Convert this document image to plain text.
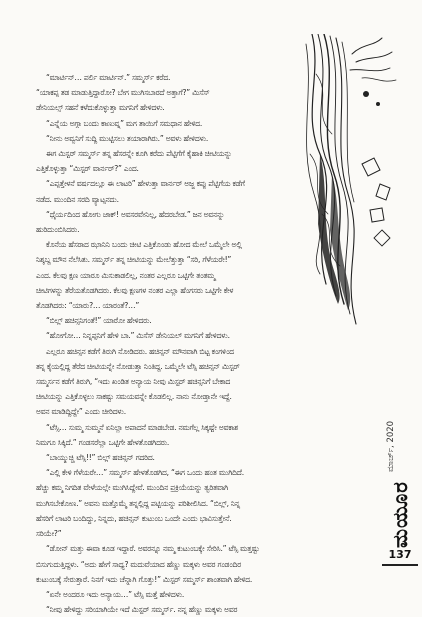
“ಮಾರ್ಟಿನ್… ಪರ್ಲಿ ಮಾರ್ಟಿನ್.” ಸಮ್ಮರ್ಸ್ ಕರೆದ.

“ಯಾಕಪ್ಪ ತಡ ಮಾಡುತ್ತಿದ್ದಾರೋ? ಬೇಗ ಮುಗಿಸಬಾರದೆ ಅತ್ತಾಗೆ?” ಮಿಸೆಸ್

ಡೇನಿಯಲ್ಸ್ ಸಹನೆ ಕಳೆದುಕೊಳ್ಳುತ್ತಾ ಮಗನಿಗೆ ಹೇಳಿದಳು.

“ಎನ್ನೆಯ ಅಗ್ಗಾ ಬಂದು ಕಾಣುವ್ನ” ಮಗ ತಾಯಿಗೆ ಸಮಧಾನ ಹೇಳಿದ.

“ನೀನು ಅವ್ವನಿಗೆ ಸುದ್ದಿ ಮುಟ್ಟಿಸಲು ತಯಾರಾಗಿರು.” ಅವಳು ಹೇಳಿದಳು.

ಈಗ ಮಿಸ್ಟರ್ ಸಮ್ಮರ್ಸ್ ತನ್ನ ಹೆಸರನ್ನೇ ಕೂಗಿ ಕರೆದು ಪೆಟ್ಟಿಗೆಗೆ ಕೈಹಾಕಿ ಚೀಟಿಯನ್ನು

ಎತ್ತಿಕೊಳ್ಳುತ್ತಾ “ಮಿಸ್ಟರ್ ವಾರ್ನರ್?” ಎಂದ.

“ಎಪ್ಪತ್ತೇಳನೆ ವರ್ಷದಲ್ಲೂ ಈ ಲಾಟರಿ” ಹೇಳುತ್ತಾ ವಾರ್ನರ್ ಅಜ್ಜ ಕಪ್ಪು ಪೆಟ್ಟಿಗೆಯ ಕಡೆಗೆ

ನಡೆದ. ಮುಂದಿನ ಸರದಿ ವ್ಯಾಟ್ಸನದು.

“ಧೈರ್ಯದಿಂದ ಹೋಗು ಜಾಕ್! ಅವಸರವೇನಿಲ್ಲ, ಹೆದರಬೇಡ.” ಜನ ಅವನನ್ನು

ಹುರಿದುಂಬಿಸಿದರು.

ಕೊನೆಯ ಹೆಸರಾದ ಝಾನಿನಿ ಬಂದು ಚೀಟಿ ಎತ್ತಿಕೊಂಡು ಹೋದ ಮೇಲೆ ಒಮ್ಮೆಲೇ ಅಲ್ಲಿ

ನಿಶ್ಶಬ್ದ ಮೌನ ನೆಲೆಸಿತು. ಸಮ್ಮರ್ಸ್ ತನ್ನ ಚೀಟಿಯನ್ನು ಮೇಲೆತ್ತುತ್ತಾ “ಸರಿ, ಗೆಳೆಯರೇ!”

ಎಂದ. ಕೆಲವು ಕ್ಷಣ ಯಾರೂ ಮಿಸುಕಾಡಲಿಲ್ಲ, ನಂತರ ಎಲ್ಲರೂ ಒಟ್ಟಿಗೇ ತಂತಮ್ಮ

ಚೀಟಿಗಳನ್ನು ತೆರೆಯತೊಡಗಿದರು. ಕೆಲವು ಕ್ಷಣಗಳ ನಂತರ ಎಲ್ಲಾ ಹೆಂಗಸರು ಒಟ್ಟಿಗೇ ಕೇಳ

ತೊಡಗಿದರು: “ಯಾರು?… ಯಾರಂತೆ?…”

“ಬಿಲ್ಲ್ ಹಚಿನ್ಸನಿಗಂತೆ!” ಯಾರೋ ಹೇಳಿದರು.

“ಹೋಗೋ… ನಿನ್ನಪ್ಪನಿಗೆ ಹೇಳಿ ಬಾ.” ಮಿಸೆಸ್ ಡೇನಿಯಲ್ ಮಗನಿಗೆ ಹೇಳಿದಳು.

ಎಲ್ಲರೂ ಹಚಿನ್ಸನ ಕಡೆಗೆ ತಿರುಗಿ ನೋಡಿದರು. ಹಚಿನ್ಸನ್ ಮೌನವಾಗಿ ಬಿಟ್ಟ ಕಂಗಳಿಂದ

ತನ್ನ ಕೈಯಲ್ಲಿದ್ದ ತೆರೆದ ಚೀಟಿಯನ್ನೇ ನೋಡುತ್ತಾ ನಿಂತಿದ್ದ. ಒಮ್ಮೆಲೇ ಟೆಸ್ಸಿ ಹಚಿನ್ಸನ್ ಮಿಸ್ಟರ್

ಸಮ್ಮರ್ಸನ ಕಡೆಗೆ ತಿರುಗಿ, “ಇದು ಖಂಡಿತ ಅನ್ಯಾಯ ನೀವು ಮಿಸ್ಟರ್ ಹಚಿನ್ಸನಿಗೆ ಬೇಕಾದ

ಚೀಟಿಯನ್ನು ಎತ್ತಿಕೊಳ್ಳಲು ಸಾಕಷ್ಟು ಸಮಯವನ್ನೇ ಕೊಡಲಿಲ್ಲ. ನಾನು ನೋಡ್ತಾನೇ ಇದ್ದೆ.

ಅವನ ಮಾಡಿದ್ದಿದ್ದೇ” ಎಂದು ಚೀರಿದಳು.

“ಟೆಸ್ಸಿ… ಸುಮ್ಮ ಸುಮ್ಮನೆ ಏನಿಲ್ಲಾ ಅಪಾದನೆ ಮಾಡಬೇಡ. ನಮಗೆಲ್ಲ ಸಿಕ್ಕಷ್ಟೇ ಅವಕಾಶ

ನಿಮಗೂ ಸಿಕ್ಕಿದೆ.” ಗಂಡಸರೆಲ್ಲಾ ಒಟ್ಟಿಗೇ ಹೇಳತೊಡಗಿದರು.

“ಬಾಯ್ಮುಚ್ಚಿ ಟೆಸ್ಸಿ!!” ಬಿಲ್ಲ್ ಹಚಿನ್ಸನ್ ಗದರಿದ.

“ಎಲ್ಲಿ ಕೇಳಿ ಗೆಳೆಯರೇ…” ಸಮ್ಮರ್ಸ್ ಹೇಳತೊಡಗಿದ, “ಈಗ ಒಂದು ಹಂತ ಮುಗಿದಿದೆ.

ಹೆಚ್ಚು ಕಮ್ಮ ನಿಗದಿತ ವೇಳೆಯಲ್ಲೇ ಮುಗಿಸಿದ್ದೇವೆ. ಮುಂದಿನ ಪ್ರಕ್ರಿಯೆಯನ್ನು ತ್ವರಿತವಾಗಿ

ಮುಗಿಸಬೇಕೋಣ.” ಅವನು ಮತ್ತೊಮ್ಮೆ ತನ್ನಲ್ಲಿದ್ದ ಪಟ್ಟಿಯನ್ನು ಪರಿಶೀಲಿಸಿದ. “ಬಿಲ್ಲ್, ನಿನ್ನ

ಹೆಸರಿಗೆ ಲಾಟರಿ ಬಂದಿದ್ದು, ನಿನ್ನದು, ಹಚಿನ್ಸನ್ ಕುಟುಂಬ ಒಂದೇ ಎಂದು ಭಾವಿಸುತ್ತೇನೆ.

ಸರಿಯೇ?”

“ಡೋನ್ ಮತ್ತು ಈವಾ ಕೂಡ ಇದ್ದಾರೆ. ಅವರನ್ನೂ ನಮ್ಮ ಕುಟುಂಬಕ್ಕೇ ಸೇರಿಸಿ.” ಟೆಸ್ಸಿ ಮತ್ತಷ್ಟು

ಬಿಸುಗುದುತ್ತಿದ್ದಳು. “ಅದು ಹೇಗೆ ಸಾಧ್ಯ? ಮದುವೆಯಾದ ಹೆಣ್ಣು ಮಕ್ಕಳು ಅವರ ಗಂಡಂದಿರ

ಕುಟುಂಬಕ್ಕೆ ಸೇರುತ್ತಾರೆ. ನಿನಗೆ ಇದು ಚೆನ್ನಾಗಿ ಗೊತ್ತು!” ಮಿಸ್ಟರ್ ಸಮ್ಮರ್ಸ್ ಶಾಂತವಾಗಿ ಹೇಳಿದ.

“ಏನೇ ಅಂದರೂ ಇದು ಅನ್ಯಾಯ…” ಟೆಸ್ಸಿ ಮತ್ತೆ ಹೇಳಿದಳು.

“ನೀವು ಹೇಳಿದ್ದು ಸರಿಯಾಗಿಯೇ ಇದೆ ಮಿಸ್ಟರ್ ಸಮ್ಮರ್ಸ್. ನನ್ನ ಹೆಣ್ಣು ಮಕ್ಕಳು ಅವರ

ಮಾರ್ಚ್, 2020
ಮಯೂರ
137
